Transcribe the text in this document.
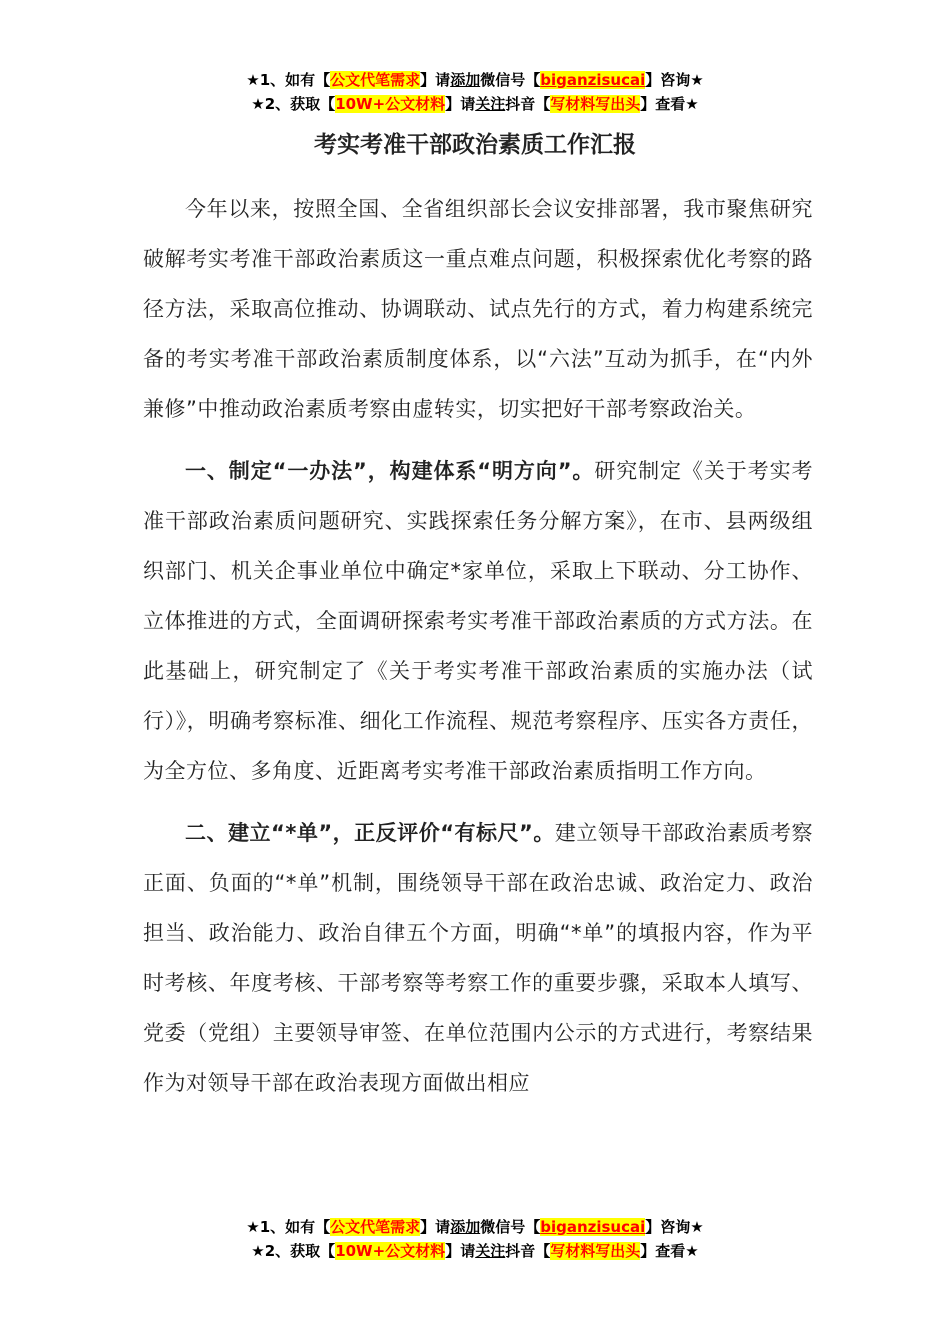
★1、如有【公文代笔需求】请添加微信号【biganzisucai】咨询★
★2、获取【10W+公文材料】请关注抖音【写材料写出头】查看★
考实考准干部政治素质工作汇报

今年以来，按照全国、全省组织部长会议安排部署，我市聚焦研究破解考实考准干部政治素质这一重点难点问题，积极探索优化考察的路径方法，采取高位推动、协调联动、试点先行的方式，着力构建系统完备的考实考准干部政治素质制度体系，以“六法”互动为抓手，在“内外兼修”中推动政治素质考察由虚转实，切实把好干部考察政治关。

一、制定“一办法”，构建体系“明方向”。研究制定《关于考实考准干部政治素质问题研究、实践探索任务分解方案》，在市、县两级组织部门、机关企事业单位中确定*家单位，采取上下联动、分工协作、立体推进的方式，全面调研探索考实考准干部政治素质的方式方法。在此基础上，研究制定了《关于考实考准干部政治素质的实施办法（试行）》，明确考察标准、细化工作流程、规范考察程序、压实各方责任，为全方位、多角度、近距离考实考准干部政治素质指明工作方向。

二、建立“*单”，正反评价“有标尺”。建立领导干部政治素质考察正面、负面的“*单”机制，围绕领导干部在政治忠诚、政治定力、政治担当、政治能力、政治自律五个方面，明确“*单”的填报内容，作为平时考核、年度考核、干部考察等考察工作的重要步骤，采取本人填写、党委（党组）主要领导审签、在单位范围内公示的方式进行，考察结果作为对领导干部在政治表现方面做出相应

★1、如有【公文代笔需求】请添加微信号【biganzisucai】咨询★
★2、获取【10W+公文材料】请关注抖音【写材料写出头】查看★
